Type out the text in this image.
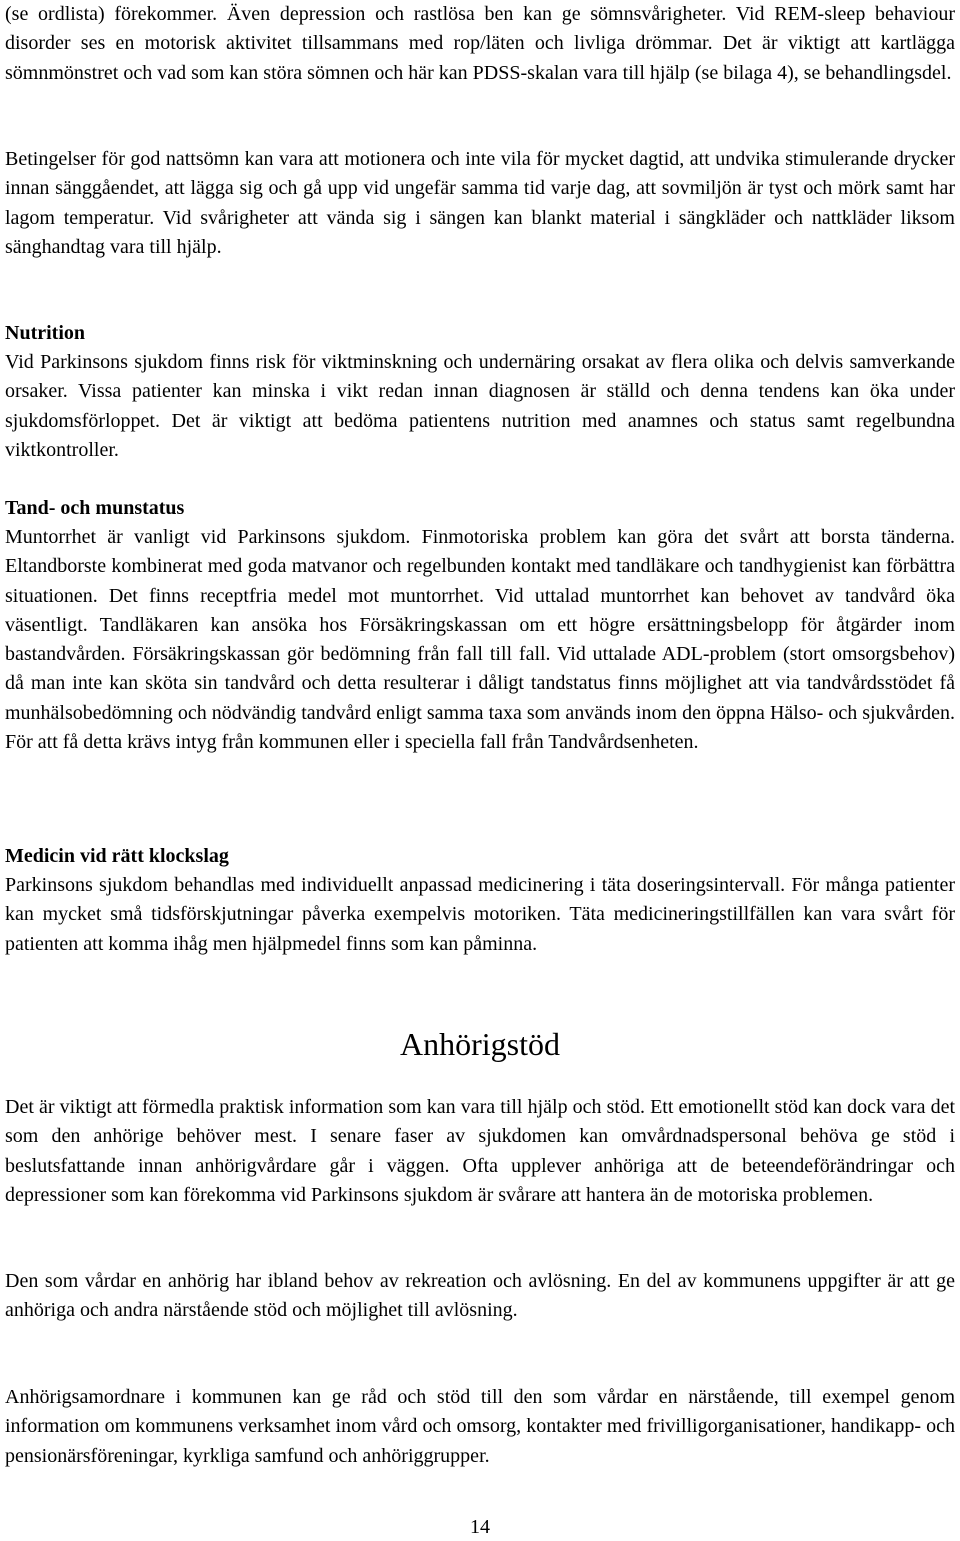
(se ordlista) förekommer. Även depression och rastlösa ben kan ge sömnsvårigheter. Vid REM-sleep behaviour disorder ses en motorisk aktivitet tillsammans med rop/läten och livliga drömmar. Det är viktigt att kartlägga sömnmönstret och vad som kan störa sömnen och här kan PDSS-skalan vara till hjälp (se bilaga 4), se behandlingsdel.

Betingelser för god nattsömn kan vara att motionera och inte vila för mycket dagtid, att undvika stimulerande drycker innan sänggåendet, att lägga sig och gå upp vid ungefär samma tid varje dag, att sovmiljön är tyst och mörk samt har lagom temperatur. Vid svårigheter att vända sig i sängen kan blankt material i sängkläder och nattkläder liksom sänghandtag vara till hjälp.

Nutrition

Vid Parkinsons sjukdom finns risk för viktminskning och undernäring orsakat av flera olika och delvis samverkande orsaker. Vissa patienter kan minska i vikt redan innan diagnosen är ställd och denna tendens kan öka under sjukdomsförloppet. Det är viktigt att bedöma patientens nutrition med anamnes och status samt regelbundna viktkontroller.

Tand- och munstatus

Muntorrhet är vanligt vid Parkinsons sjukdom. Finmotoriska problem kan göra det svårt att borsta tänderna. Eltandborste kombinerat med goda matvanor och regelbunden kontakt med tandläkare och tandhygienist kan förbättra situationen. Det finns receptfria medel mot muntorrhet. Vid uttalad muntorrhet kan behovet av tandvård öka väsentligt. Tandläkaren kan ansöka hos Försäkringskassan om ett högre ersättningsbelopp för åtgärder inom bastandvården. Försäkringskassan gör bedömning från fall till fall. Vid uttalade ADL-problem (stort omsorgsbehov) då man inte kan sköta sin tandvård och detta resulterar i dåligt tandstatus finns möjlighet att via tandvårdsstödet få munhälsobedömning och nödvändig tandvård enligt samma taxa som används inom den öppna Hälso- och sjukvården. För att få detta krävs intyg från kommunen eller i speciella fall från Tandvårdsenheten.

Medicin vid rätt klockslag

Parkinsons sjukdom behandlas med individuellt anpassad medicinering i täta doseringsintervall. För många patienter kan mycket små tidsförskjutningar påverka exempelvis motoriken. Täta medicineringstillfällen kan vara svårt för patienten att komma ihåg men hjälpmedel finns som kan påminna.

Anhörigstöd

Det är viktigt att förmedla praktisk information som kan vara till hjälp och stöd. Ett emotionellt stöd kan dock vara det som den anhörige behöver mest. I senare faser av sjukdomen kan omvårdnadspersonal behöva ge stöd i beslutsfattande innan anhörigvårdare går i väggen. Ofta upplever anhöriga att de beteendeförändringar och depressioner som kan förekomma vid Parkinsons sjukdom är svårare att hantera än de motoriska problemen.

Den som vårdar en anhörig har ibland behov av rekreation och avlösning. En del av kommunens uppgifter är att ge anhöriga och andra närstående stöd och möjlighet till avlösning.

Anhörigsamordnare i kommunen kan ge råd och stöd till den som vårdar en närstående, till exempel genom information om kommunens verksamhet inom vård och omsorg, kontakter med frivilligorganisationer, handikapp- och pensionärsföreningar, kyrkliga samfund och anhöriggrupper.

14
